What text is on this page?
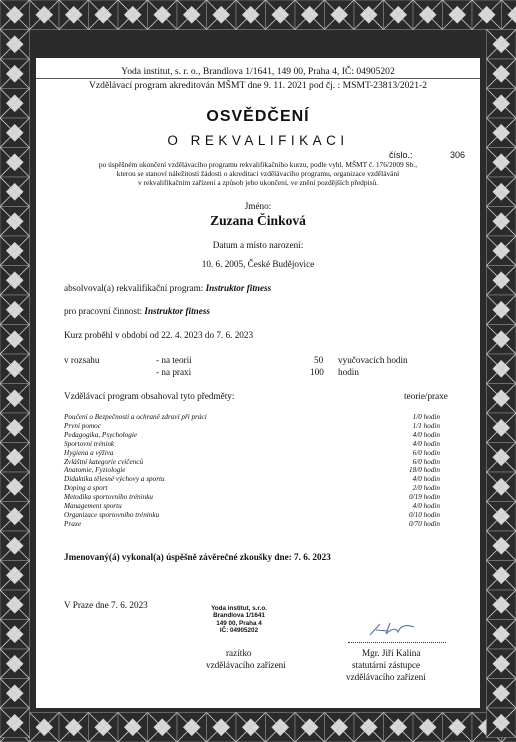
Yoda institut, s. r. o., Brandlova 1/1641, 149 00, Praha 4, IČ: 04905202
Vzdělávací program akreditován MŠMT dne 9. 11. 2021 pod čj. : MSMT-23813/2021-2
OSVĚDČENÍ
O REKVALIFIKACI
číslo.:	306
po úspěšném ukončení vzdělávacího programu rekvalifikačního kurzu, podle vyhl. MŠMT č. 176/2009 Sb.,
kterou se stanoví náležitosti žádosti o akreditaci vzdělávacího programu, organizace vzdělávání
v rekvalifikačním zařízení a způsob jeho ukončení, ve znění pozdějších předpisů.
Jméno:
Zuzana Činková
Datum a místo narození:
10. 6. 2005, České Budějovice
absolvoval(a) rekvalifikační program: Instruktor fitness
pro pracovní činnost: Instruktor fitness
Kurz proběhl v období od 22. 4. 2023 do 7. 6. 2023
v rozsahu	- na teorii	50 vyučovacích hodin
- na praxi	100 hodin
Vzdělávací program obsahoval tyto předměty:	teorie/praxe
Poučení o Bezpečnosti a ochraně zdraví při práci	1/0 hodin
První pomoc	1/1 hodin
Pedagogika, Psychologie	4/0 hodin
Sportovní trénink	4/0 hodin
Hygiena a výživa	6/0 hodin
Zvláštní kategorie cvičenců	6/0 hodin
Anatomie, Fyziologie	18/0 hodin
Didaktika tělesné výchovy a sportu	4/0 hodin
Doping a sport	2/0 hodin
Metodika sportovního tréninku	0/19 hodin
Management sportu	4/0 hodin
Organizace sportovního tréninku	0/10 hodin
Praxe	0/70 hodin
Jmenovaný(á) vykonal(a) úspěšně závěrečné zkoušky dne: 7. 6. 2023
V Praze dne 7. 6. 2023	Yoda institut, s.r.o.
Brandlova 1/1641
149 00, Praha 4
IČ: 04905202
razítko
vzdělávacího zařízení
Mgr. Jiří Kalina
statutární zástupce
vzdělávacího zařízení
